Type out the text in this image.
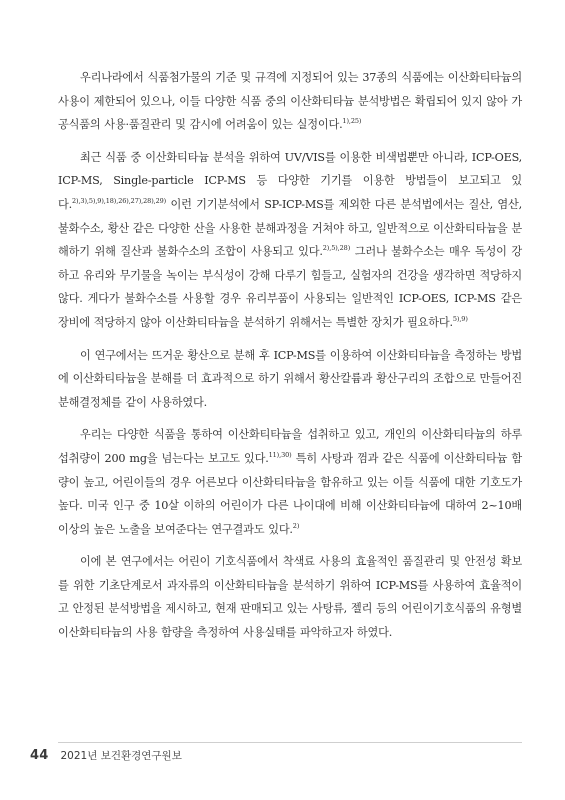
우리나라에서 식품첨가물의 기준 및 규격에 지정되어 있는 37종의 식품에는 이산화티타늄의 사용이 제한되어 있으나, 이들 다양한 식품 중의 이산화티타늄 분석방법은 확립되어 있지 않아 가공식품의 사용·품질관리 및 감시에 어려움이 있는 실정이다.$^{1),25)}$

최근 식품 중 이산화티타늄 분석을 위하여 UV/VIS를 이용한 비색법뿐만 아니라, ICP-OES, ICP-MS, Single-particle ICP-MS 등 다양한 기기를 이용한 방법들이 보고되고 있다.$^{2),3),5),9),18),26),27),28),29)}$ 이런 기기분석에서 SP-ICP-MS를 제외한 다른 분석법에서는 질산, 염산, 불화수소, 황산 같은 다양한 산을 사용한 분해과정을 거쳐야 하고, 일반적으로 이산화티타늄을 분해하기 위해 질산과 불화수소의 조합이 사용되고 있다.$^{2),5),28)}$ 그러나 불화수소는 매우 독성이 강하고 유리와 무기물을 녹이는 부식성이 강해 다루기 힘들고, 실험자의 건강을 생각하면 적당하지 않다. 게다가 불화수소를 사용할 경우 유리부품이 사용되는 일반적인 ICP-OES, ICP-MS 같은 장비에 적당하지 않아 이산화티타늄을 분석하기 위해서는 특별한 장치가 필요하다.$^{5),9)}$

이 연구에서는 뜨거운 황산으로 분해 후 ICP-MS를 이용하여 이산화티타늄을 측정하는 방법에 이산화티타늄을 분해를 더 효과적으로 하기 위해서 황산칼륨과 황산구리의 조합으로 만들어진 분해결정체를 같이 사용하였다.

우리는 다양한 식품을 통하여 이산화티타늄을 섭취하고 있고, 개인의 이산화티타늄의 하루 섭취량이 200 mg을 넘는다는 보고도 있다.$^{11),30)}$ 특히 사탕과 껌과 같은 식품에 이산화티타늄 함량이 높고, 어린이들의 경우 어른보다 이산화티타늄을 함유하고 있는 이들 식품에 대한 기호도가 높다. 미국 인구 중 10살 이하의 어린이가 다른 나이대에 비해 이산화티타늄에 대하여 2~10배 이상의 높은 노출을 보여준다는 연구결과도 있다.$^{2)}$

이에 본 연구에서는 어린이 기호식품에서 착색료 사용의 효율적인 품질관리 및 안전성 확보를 위한 기초단계로서 과자류의 이산화티타늄을 분석하기 위하여 ICP-MS를 사용하여 효율적이고 안정된 분석방법을 제시하고, 현재 판매되고 있는 사탕류, 젤리 등의 어린이기호식품의 유형별 이산화티타늄의 사용 함량을 측정하여 사용실태를 파악하고자 하였다.

44 2021년 보건환경연구원보
